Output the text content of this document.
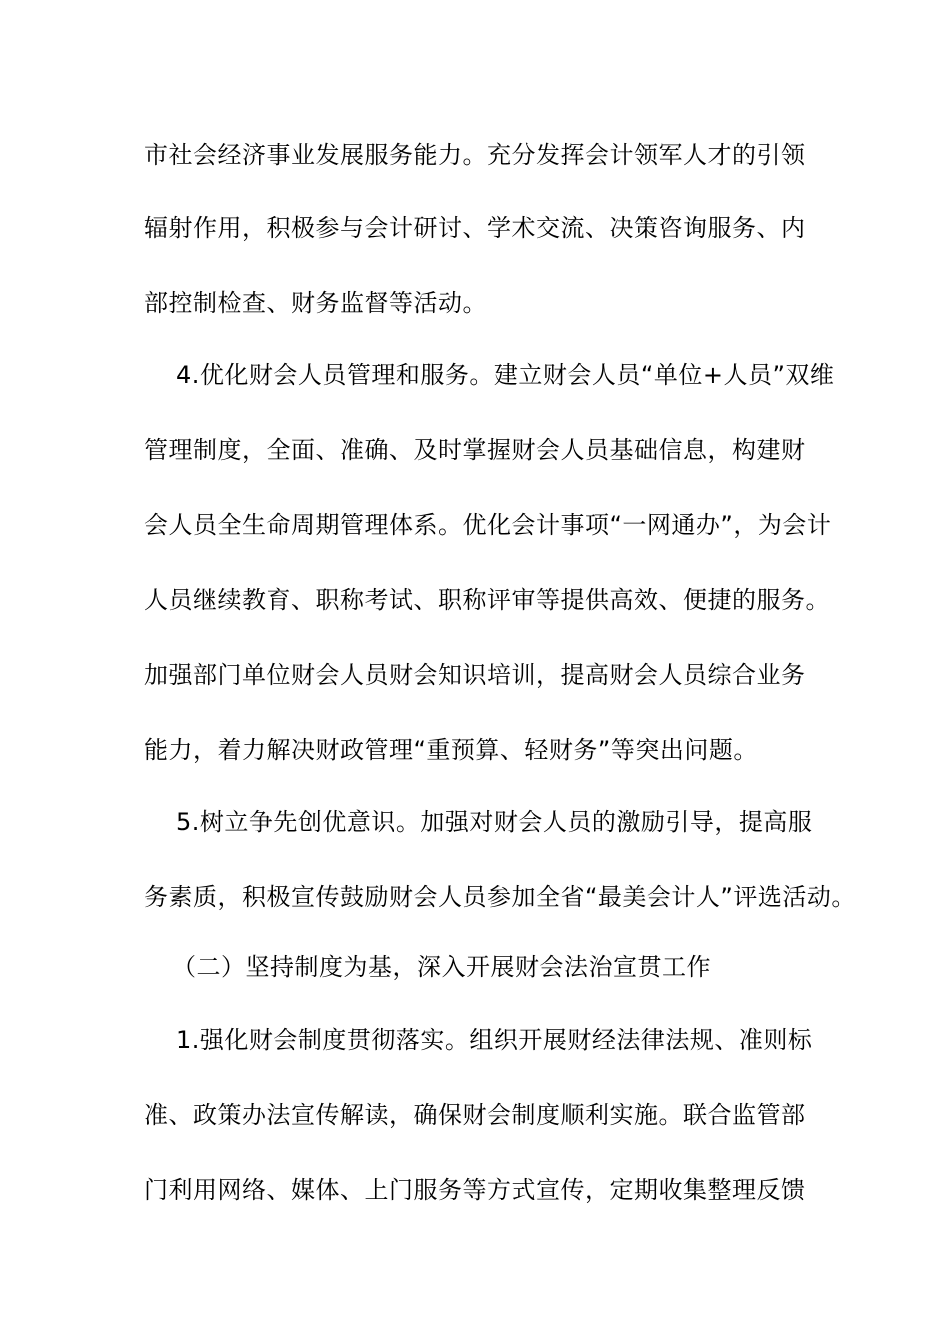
市社会经济事业发展服务能力。充分发挥会计领军人才的引领
辐射作用，积极参与会计研讨、学术交流、决策咨询服务、内
部控制检查、财务监督等活动。
4.优化财会人员管理和服务。建立财会人员“单位+人员”双维
管理制度，全面、准确、及时掌握财会人员基础信息，构建财
会人员全生命周期管理体系。优化会计事项“一网通办”，为会计
人员继续教育、职称考试、职称评审等提供高效、便捷的服务。
加强部门单位财会人员财会知识培训，提高财会人员综合业务
能力，着力解决财政管理“重预算、轻财务”等突出问题。
5.树立争先创优意识。加强对财会人员的激励引导，提高服
务素质，积极宣传鼓励财会人员参加全省“最美会计人”评选活动。
（二）坚持制度为基，深入开展财会法治宣贯工作
1.强化财会制度贯彻落实。组织开展财经法律法规、准则标
准、政策办法宣传解读，确保财会制度顺利实施。联合监管部
门利用网络、媒体、上门服务等方式宣传，定期收集整理反馈
